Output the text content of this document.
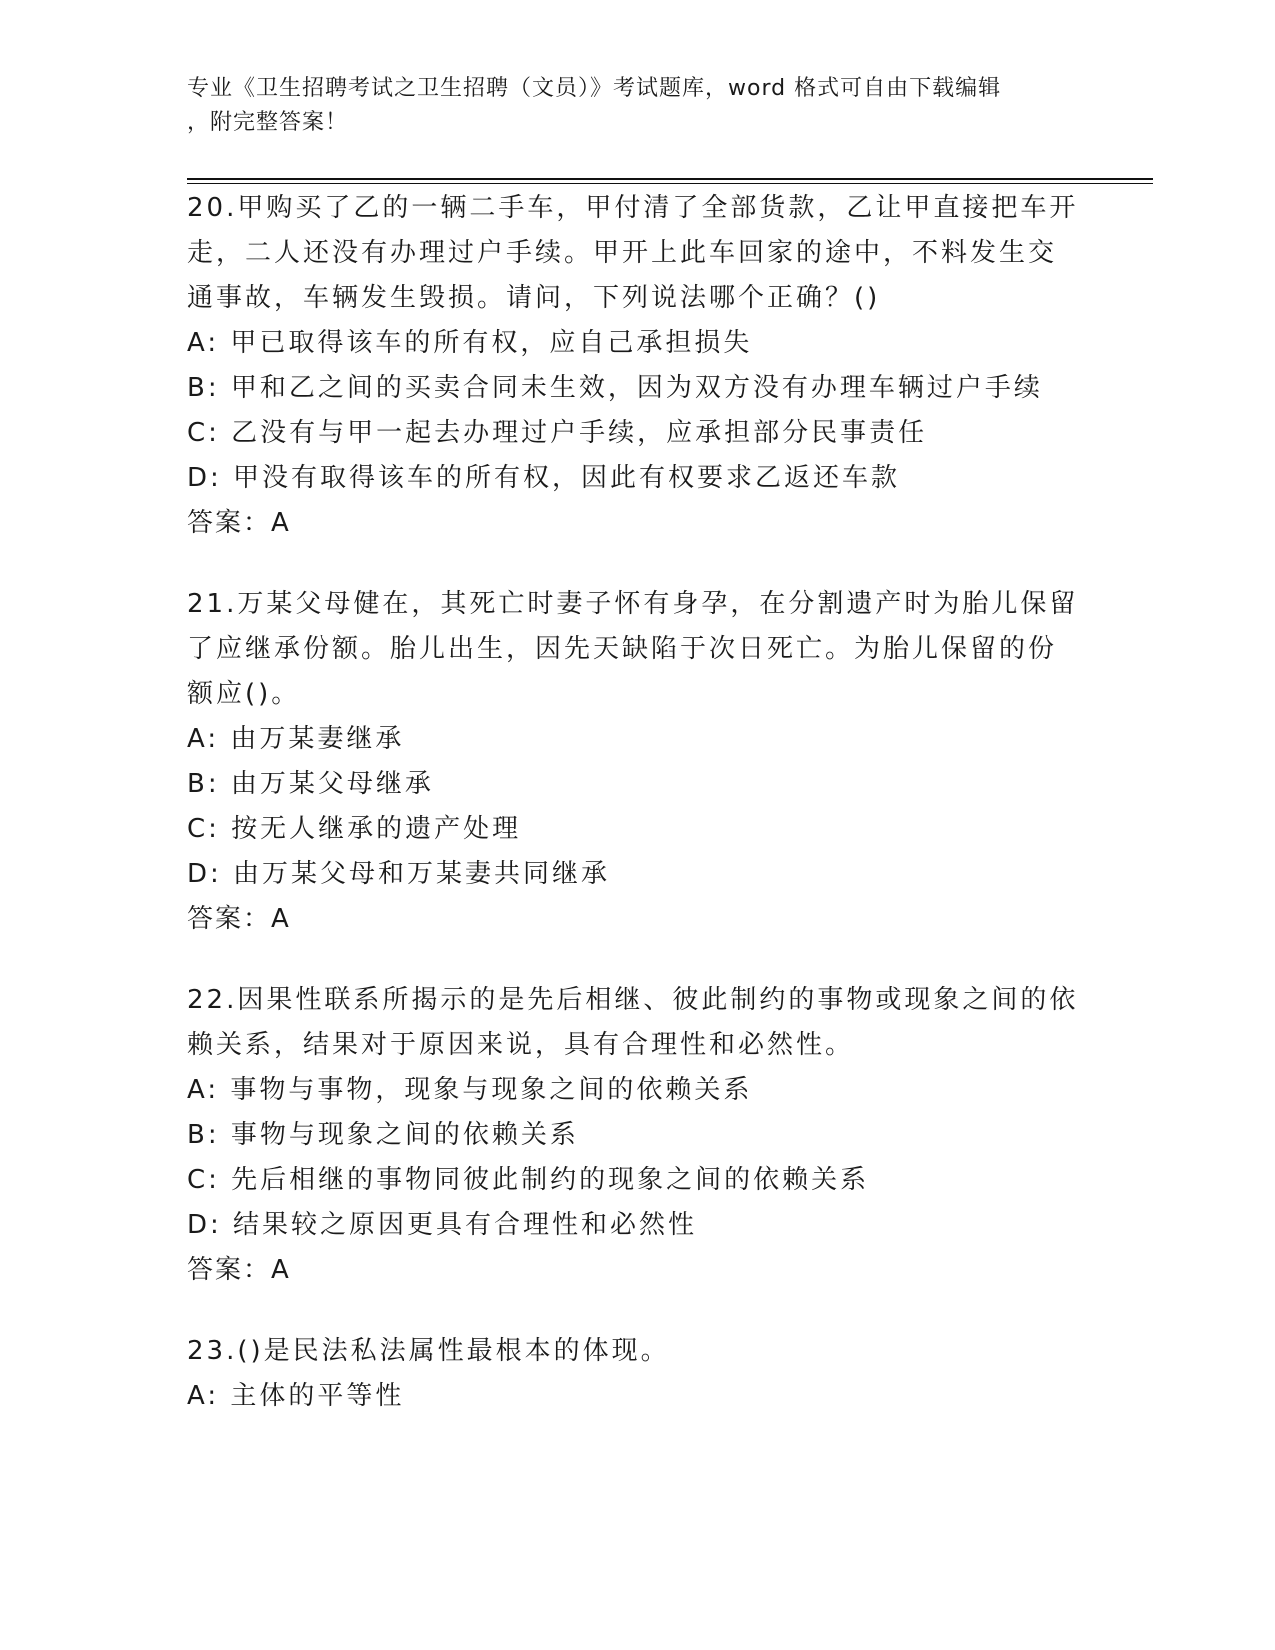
专业《卫生招聘考试之卫生招聘（文员）》考试题库，word 格式可自由下载编辑
，附完整答案！
20.甲购买了乙的一辆二手车，甲付清了全部货款，乙让甲直接把车开
走，二人还没有办理过户手续。甲开上此车回家的途中，不料发生交
通事故，车辆发生毁损。请问，下列说法哪个正确？()
A: 甲已取得该车的所有权，应自己承担损失
B: 甲和乙之间的买卖合同未生效，因为双方没有办理车辆过户手续
C: 乙没有与甲一起去办理过户手续，应承担部分民事责任
D: 甲没有取得该车的所有权，因此有权要求乙返还车款
答案：A
21.万某父母健在，其死亡时妻子怀有身孕，在分割遗产时为胎儿保留
了应继承份额。胎儿出生，因先天缺陷于次日死亡。为胎儿保留的份
额应()。
A: 由万某妻继承
B: 由万某父母继承
C: 按无人继承的遗产处理
D: 由万某父母和万某妻共同继承
答案：A
22.因果性联系所揭示的是先后相继、彼此制约的事物或现象之间的依
赖关系，结果对于原因来说，具有合理性和必然性。
A: 事物与事物，现象与现象之间的依赖关系
B: 事物与现象之间的依赖关系
C: 先后相继的事物同彼此制约的现象之间的依赖关系
D: 结果较之原因更具有合理性和必然性
答案：A
23.()是民法私法属性最根本的体现。
A: 主体的平等性
